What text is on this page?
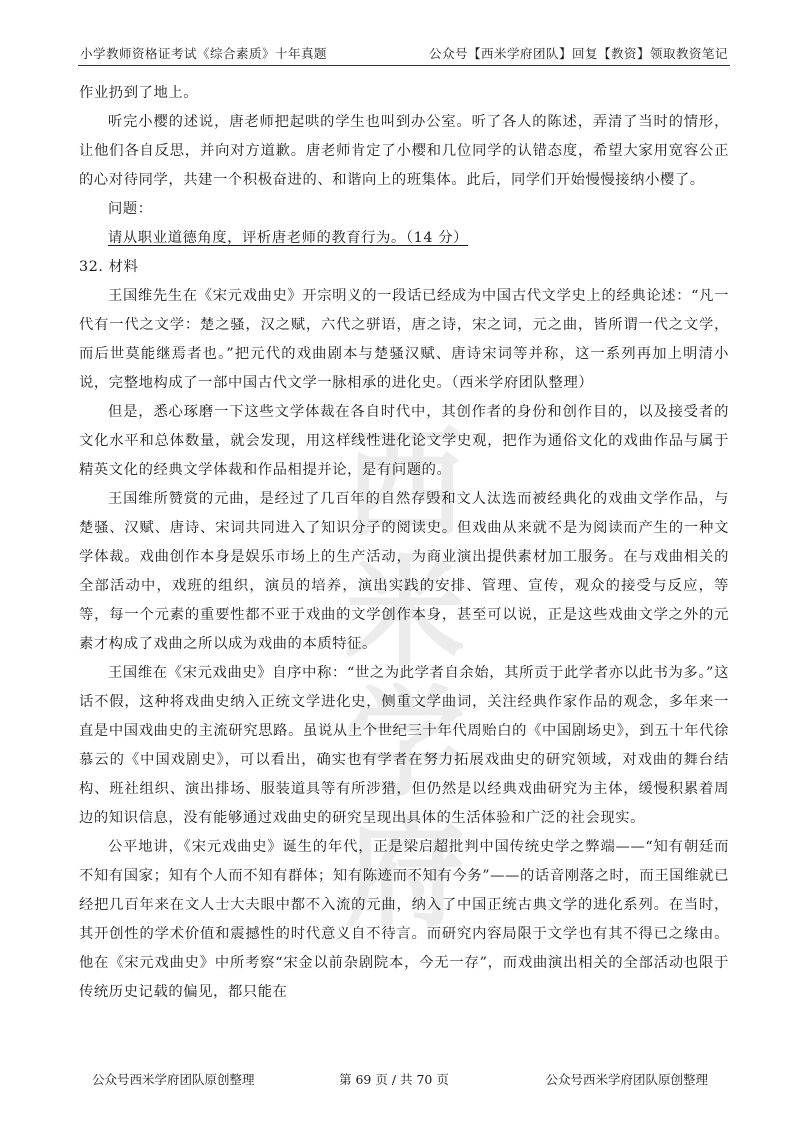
小学教师资格证考试《综合素质》十年真题	公众号【西米学府团队】回复【教资】领取教资笔记
西米
学府

作业扔到了地上。

听完小樱的述说，唐老师把起哄的学生也叫到办公室。听了各人的陈述，弄清了当时的情形，让他们各自反思，并向对方道歉。唐老师肯定了小樱和几位同学的认错态度，希望大家用宽容公正的心对待同学，共建一个积极奋进的、和谐向上的班集体。此后，同学们开始慢慢接纳小樱了。

问题：

请从职业道德角度，评析唐老师的教育行为。（14 分）

32. 材料

王国维先生在《宋元戏曲史》开宗明义的一段话已经成为中国古代文学史上的经典论述：“凡一代有一代之文学：楚之骚，汉之赋，六代之骈语，唐之诗，宋之词，元之曲，皆所谓一代之文学，而后世莫能继焉者也。”把元代的戏曲剧本与楚骚汉赋、唐诗宋词等并称，这一系列再加上明清小说，完整地构成了一部中国古代文学一脉相承的进化史。（西米学府团队整理）

但是，悉心琢磨一下这些文学体裁在各自时代中，其创作者的身份和创作目的，以及接受者的文化水平和总体数量，就会发现，用这样线性进化论文学史观，把作为通俗文化的戏曲作品与属于精英文化的经典文学体裁和作品相提并论，是有问题的。

王国维所赞赏的元曲，是经过了几百年的自然存毁和文人汰选而被经典化的戏曲文学作品，与楚骚、汉赋、唐诗、宋词共同进入了知识分子的阅读史。但戏曲从来就不是为阅读而产生的一种文学体裁。戏曲创作本身是娱乐市场上的生产活动，为商业演出提供素材加工服务。在与戏曲相关的全部活动中，戏班的组织，演员的培养，演出实践的安排、管理、宣传，观众的接受与反应，等等，每一个元素的重要性都不亚于戏曲的文学创作本身，甚至可以说，正是这些戏曲文学之外的元素才构成了戏曲之所以成为戏曲的本质特征。

王国维在《宋元戏曲史》自序中称：“世之为此学者自余始，其所贡于此学者亦以此书为多。”这话不假，这种将戏曲史纳入正统文学进化史，侧重文学曲词，关注经典作家作品的观念，多年来一直是中国戏曲史的主流研究思路。虽说从上个世纪三十年代周贻白的《中国剧场史》，到五十年代徐慕云的《中国戏剧史》，可以看出，确实也有学者在努力拓展戏曲史的研究领域，对戏曲的舞台结构、班社组织、演出排场、服装道具等有所涉猎，但仍然是以经典戏曲研究为主体，缓慢积累着周边的知识信息，没有能够通过戏曲史的研究呈现出具体的生活体验和广泛的社会现实。

公平地讲，《宋元戏曲史》诞生的年代，正是梁启超批判中国传统史学之弊端——“知有朝廷而不知有国家；知有个人而不知有群体；知有陈迹而不知有今务”——的话音刚落之时，而王国维就已经把几百年来在文人士大夫眼中都不入流的元曲，纳入了中国正统古典文学的进化系列。在当时，其开创性的学术价值和震撼性的时代意义自不待言。而研究内容局限于文学也有其不得已之缘由。他在《宋元戏曲史》中所考察“宋金以前杂剧院本，今无一存”，而戏曲演出相关的全部活动也限于传统历史记载的偏见，都只能在

公众号西米学府团队原创整理	第 69 页 / 共 70 页	公众号西米学府团队原创整理
